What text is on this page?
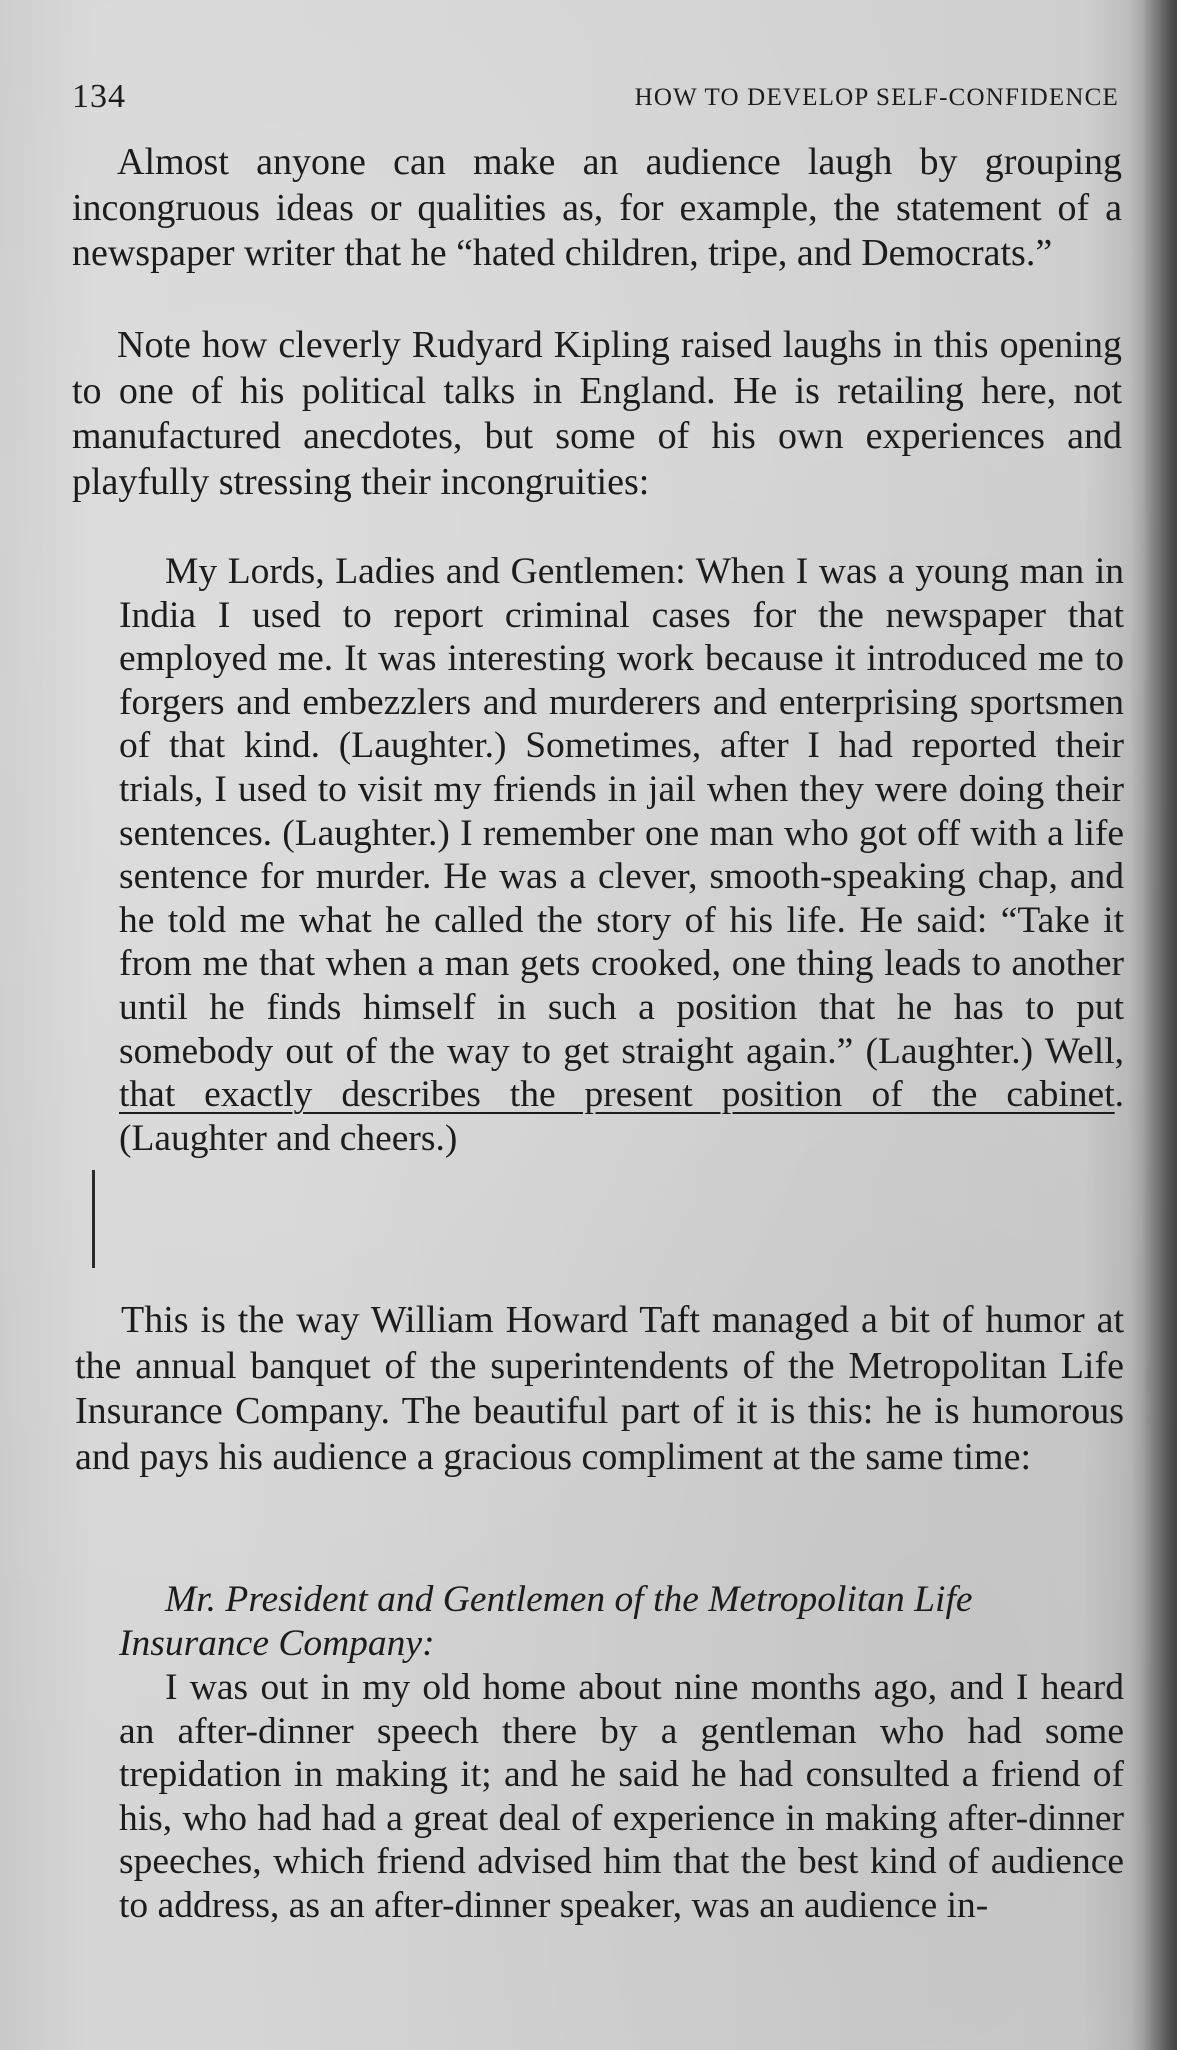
134	HOW TO DEVELOP SELF-CONFIDENCE

Almost anyone can make an audience laugh by grouping incongruous ideas or qualities as, for example, the statement of a newspaper writer that he “hated children, tripe, and Democrats.”

Note how cleverly Rudyard Kipling raised laughs in this opening to one of his political talks in England. He is retailing here, not manufactured anecdotes, but some of his own experiences and playfully stressing their incongruities:

My Lords, Ladies and Gentlemen: When I was a young man in India I used to report criminal cases for the newspaper that employed me. It was interesting work because it introduced me to forgers and embezzlers and murderers and enterprising sportsmen of that kind. (Laughter.) Sometimes, after I had reported their trials, I used to visit my friends in jail when they were doing their sentences. (Laughter.) I remember one man who got off with a life sentence for murder. He was a clever, smooth-speaking chap, and he told me what he called the story of his life. He said: “Take it from me that when a man gets crooked, one thing leads to another until he finds himself in such a position that he has to put somebody out of the way to get straight again.” (Laughter.) Well, that exactly describes the present position of the cabinet. (Laughter and cheers.)

This is the way William Howard Taft managed a bit of humor at the annual banquet of the superintendents of the Metropolitan Life Insurance Company. The beautiful part of it is this: he is humorous and pays his audience a gracious compliment at the same time:

Mr. President and Gentlemen of the Metropolitan Life Insurance Company:

I was out in my old home about nine months ago, and I heard an after-dinner speech there by a gentleman who had some trepidation in making it; and he said he had consulted a friend of his, who had had a great deal of experience in making after-dinner speeches, which friend advised him that the best kind of audience to address, as an after-dinner speaker, was an audience in-
